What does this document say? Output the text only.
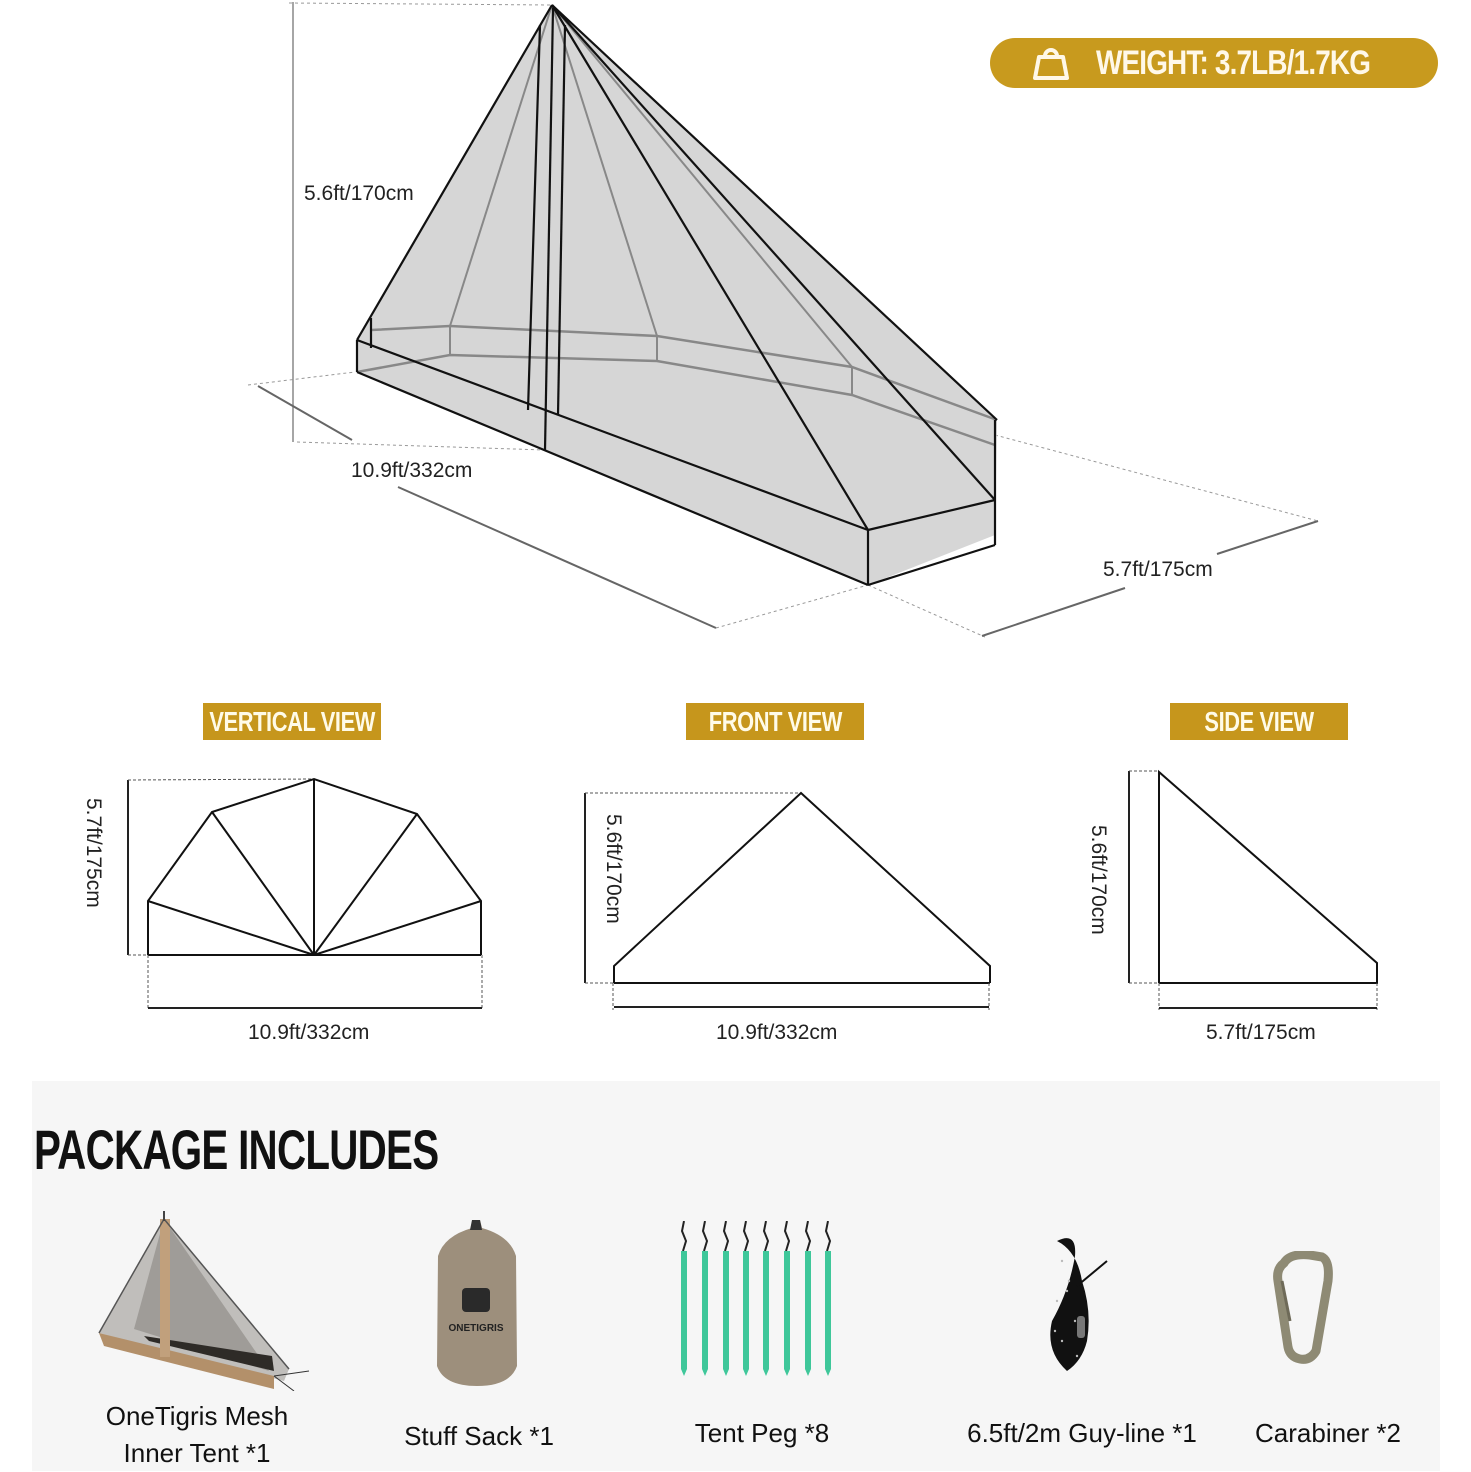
WEIGHT: 3.7LB/1.7KG
5.6ft/170cm
10.9ft/332cm
5.7ft/175cm
VERTICAL VIEW	FRONT VIEW	SIDE VIEW
5.7ft/175cm
10.9ft/332cm
5.6ft/170cm
10.9ft/332cm
5.6ft/170cm
5.7ft/175cm
PACKAGE INCLUDES
OneTigris Mesh
Inner Tent *1
ONETIGRIS
Stuff Sack *1	Tent Peg *8	6.5ft/2m Guy-line *1	Carabiner *2
